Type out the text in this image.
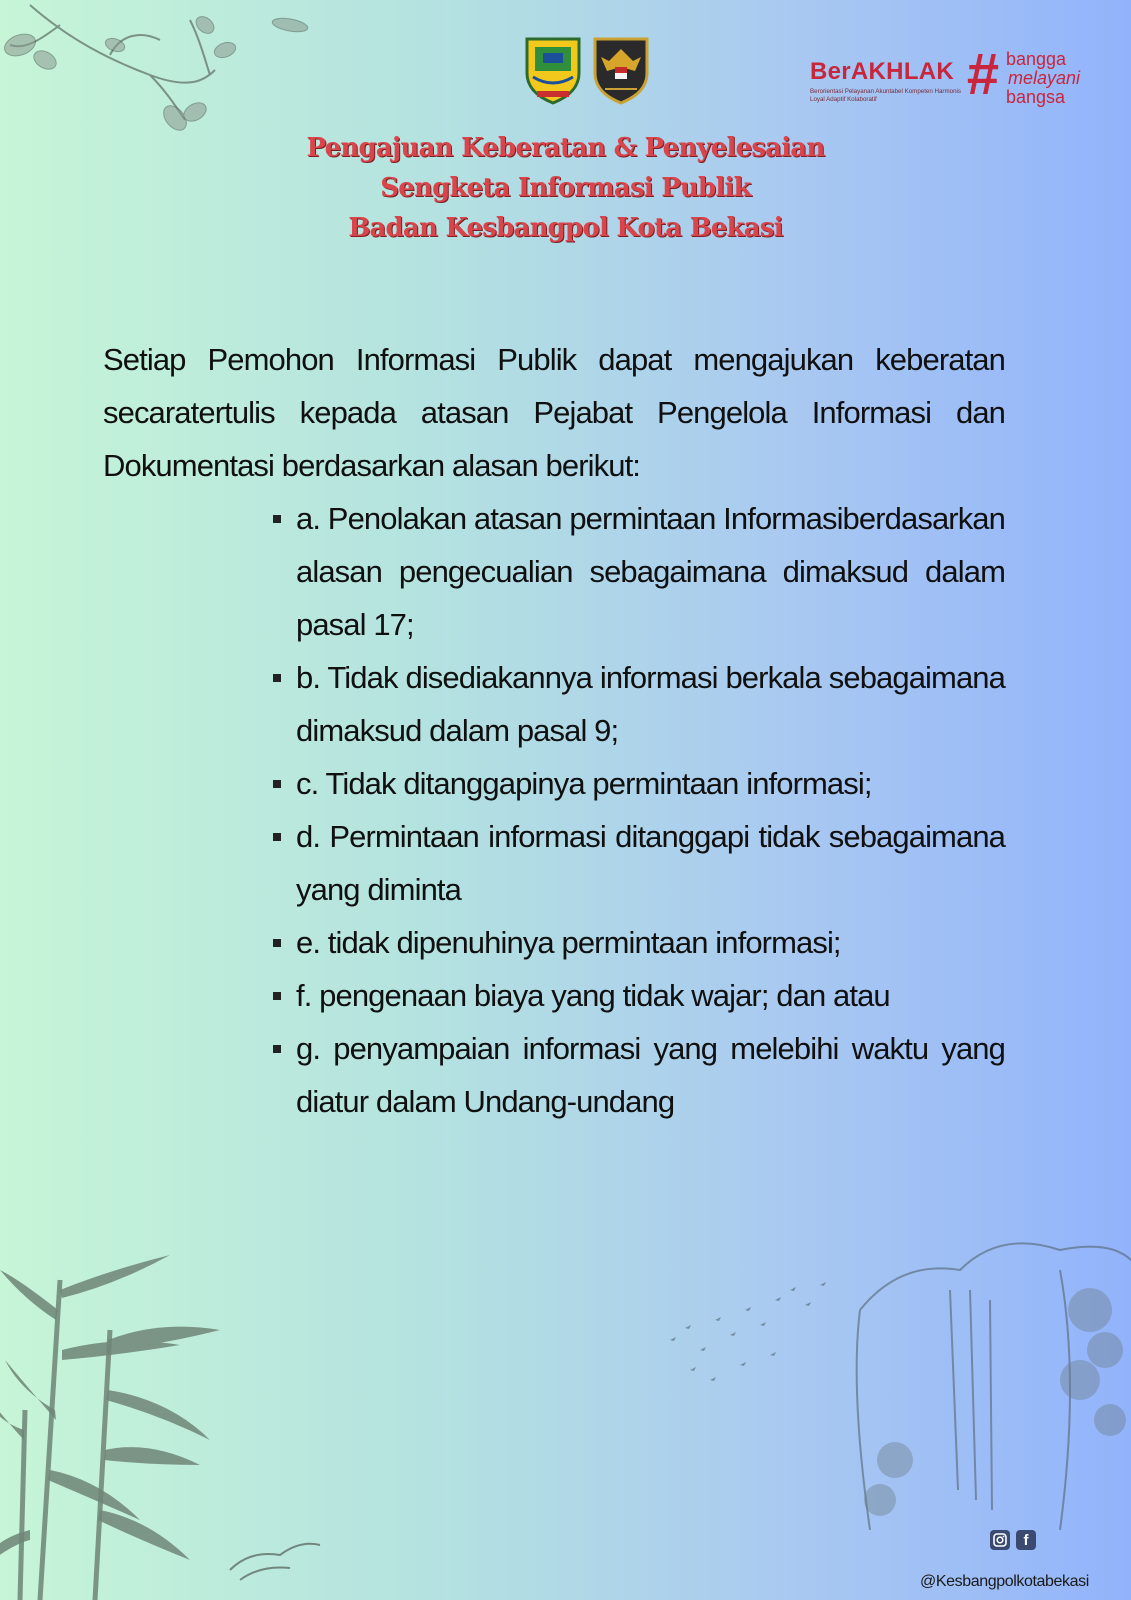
BerAKHLAK
Berorientasi Pelayanan Akuntabel Kompeten Harmonis Loyal Adaptif Kolaboratif	# bangga
melayani
bangsa
Pengajuan Keberatan & Penyelesaian
Sengketa Informasi Publik
Badan Kesbangpol Kota Bekasi

Setiap Pemohon Informasi Publik dapat mengajukan keberatan secaratertulis kepada atasan Pejabat Pengelola Informasi dan Dokumentasi berdasarkan alasan berikut:

a. Penolakan atasan permintaan Informasiberdasarkan alasan pengecualian sebagaimana dimaksud dalam pasal 17;
b. Tidak disediakannya informasi berkala sebagaimana dimaksud dalam pasal 9;
c. Tidak ditanggapinya permintaan informasi;
d. Permintaan informasi ditanggapi tidak sebagaimana yang diminta
e. tidak dipenuhinya permintaan informasi;
f. pengenaan biaya yang tidak wajar; dan atau
g. penyampaian informasi yang melebihi waktu yang diatur dalam Undang-undang
f
@Kesbangpolkotabekasi
